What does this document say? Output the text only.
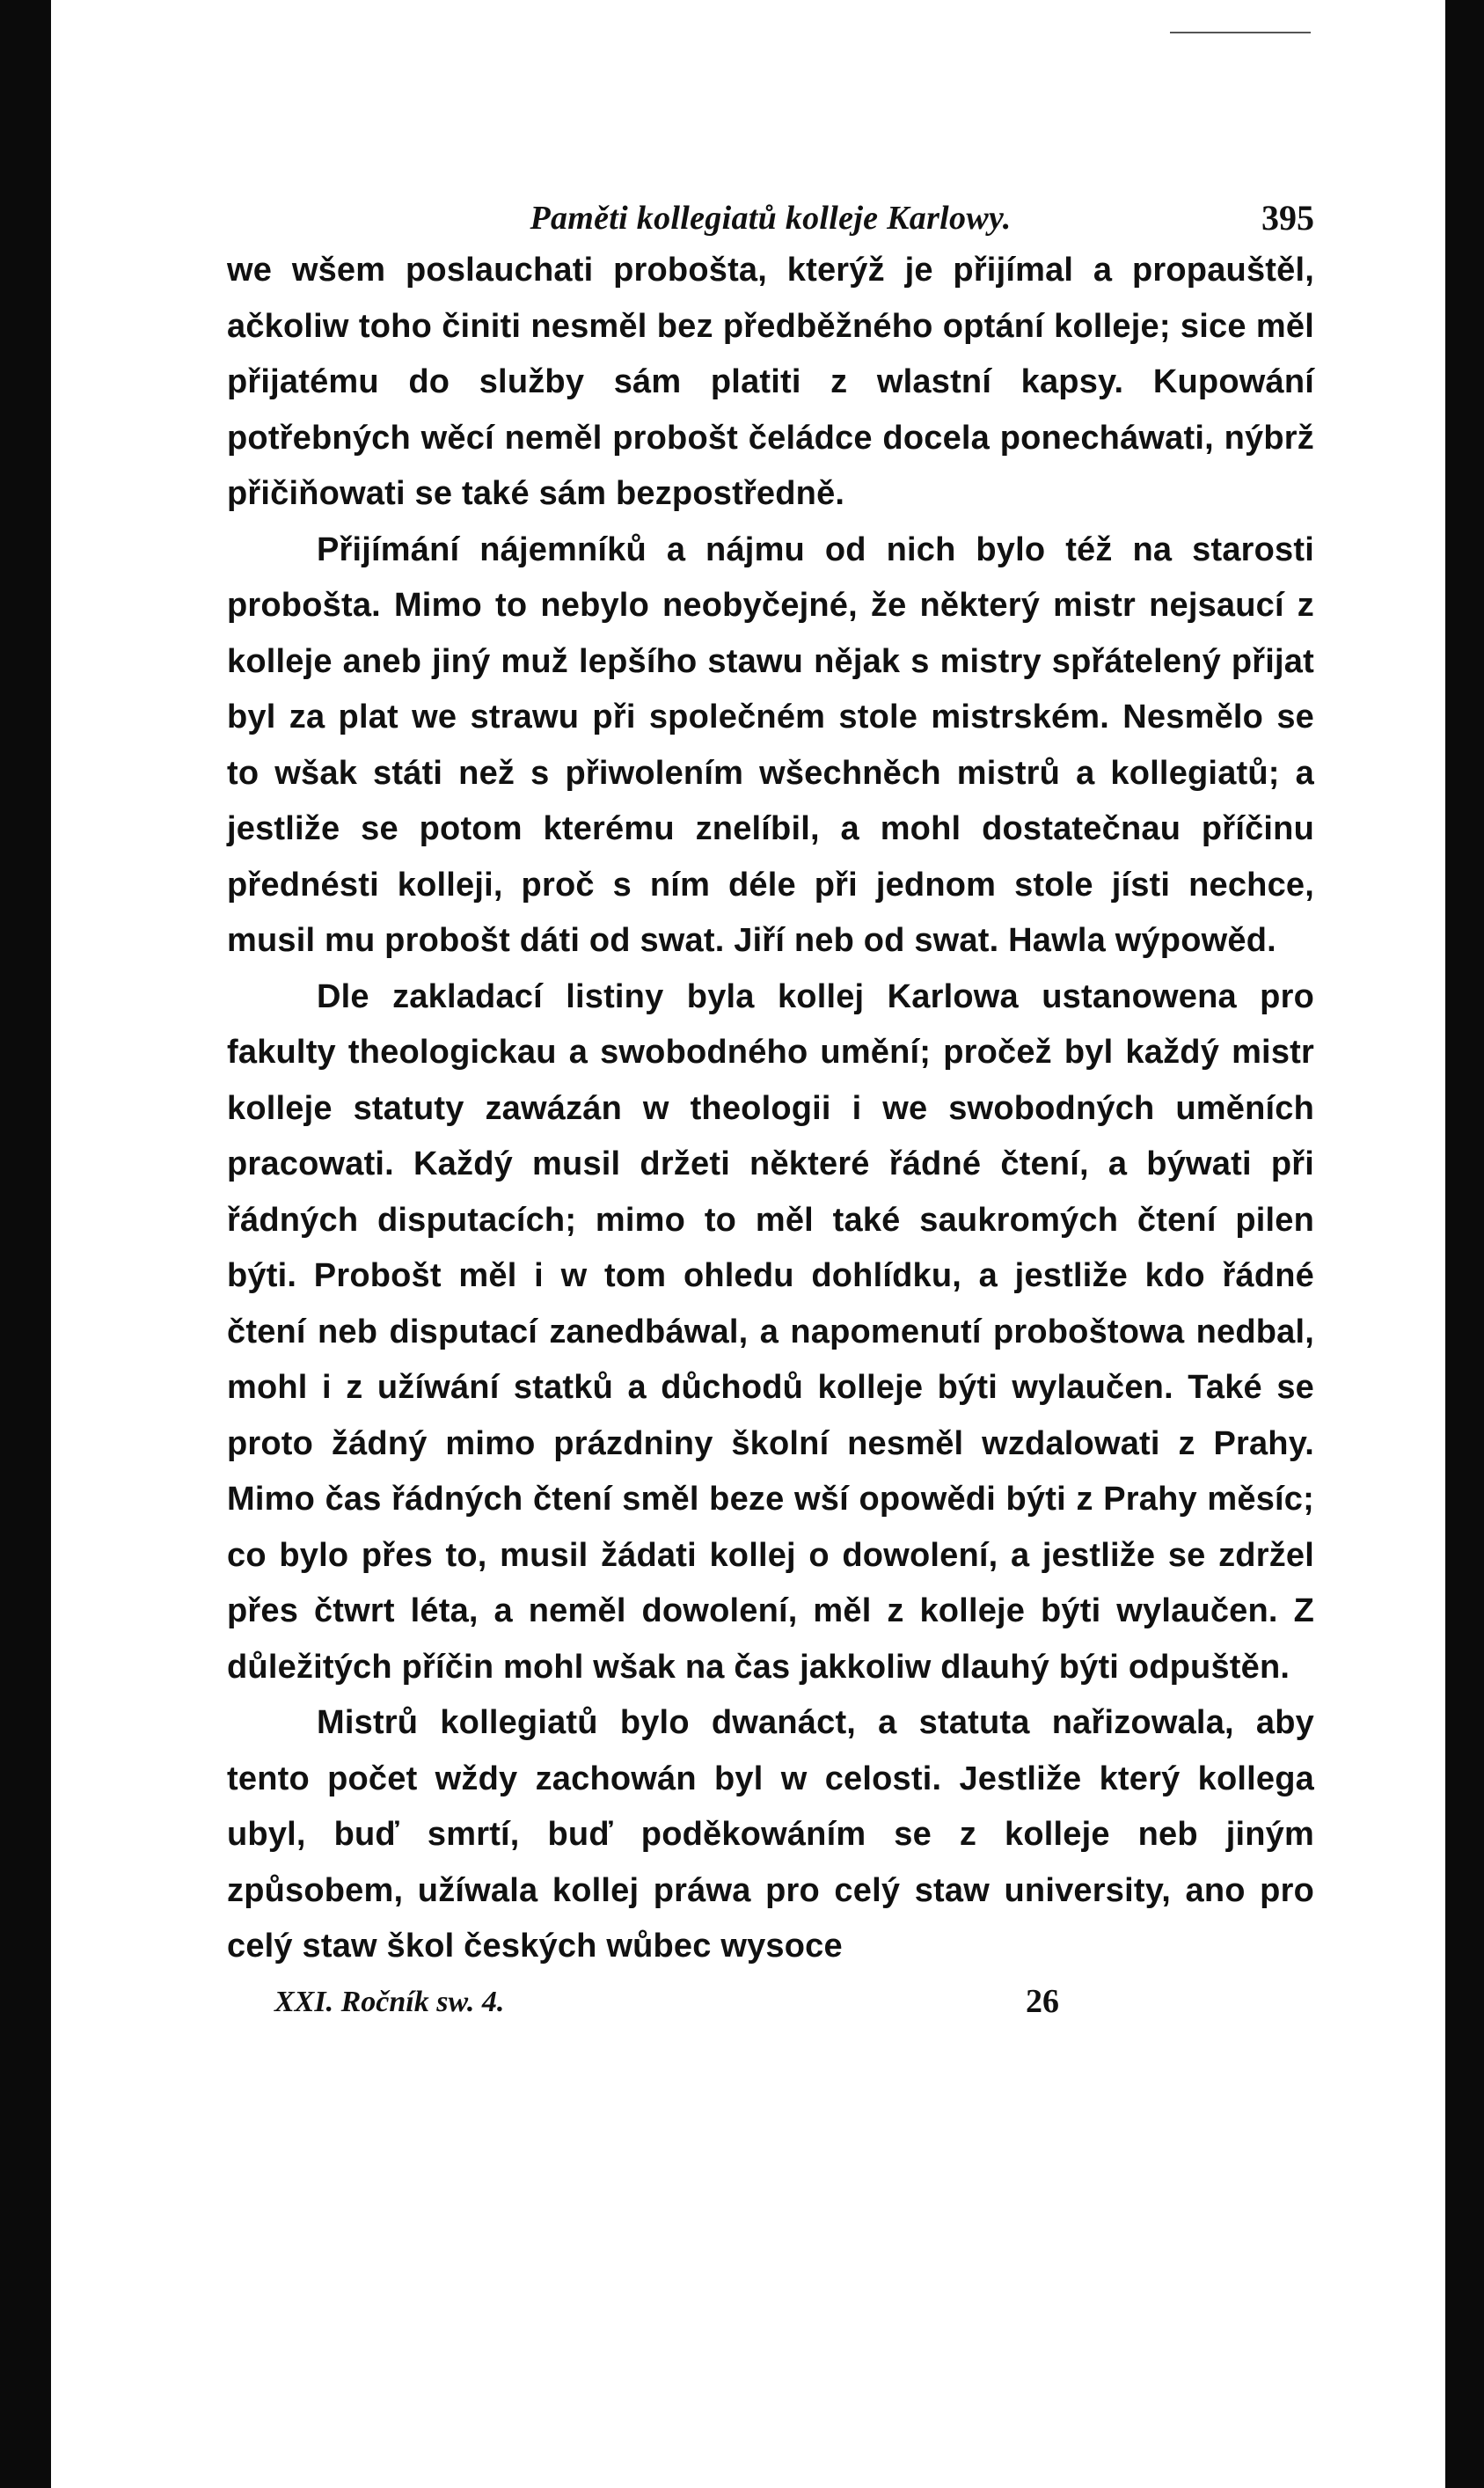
Paměti kollegiatů kolleje Karlowy.	395

we wšem poslauchati probošta, kterýž je přijímal a propauštěl, ačkoliw toho činiti nesměl bez předběžného optání kolleje; sice měl přijatému do služby sám platiti z wlastní kapsy. Kupowání potřebných wěcí neměl probošt čeládce docela ponecháwati, nýbrž přičiňowati se také sám bezpostředně.

Přijímání nájemníků a nájmu od nich bylo též na starosti probošta. Mimo to nebylo neobyčejné, že některý mistr nejsaucí z kolleje aneb jiný muž lepšího stawu nějak s mistry spřátelený přijat byl za plat we strawu při společném stole mistrském. Nesmělo se to wšak státi než s přiwolením wšechněch mistrů a kollegiatů; a jestliže se potom kterému znelíbil, a mohl dostatečnau příčinu přednésti kolleji, proč s ním déle při jednom stole jísti nechce, musil mu probošt dáti od swat. Jiří neb od swat. Hawla wýpowěd.

Dle zakladací listiny byla kollej Karlowa ustanowena pro fakulty theologickau a swobodného umění; pročež byl každý mistr kolleje statuty zawázán w theologii i we swobodných uměních pracowati. Každý musil držeti některé řádné čtení, a býwati při řádných disputacích; mimo to měl také saukromých čtení pilen býti. Probošt měl i w tom ohledu dohlídku, a jestliže kdo řádné čtení neb disputací zanedbáwal, a napomenutí proboštowa nedbal, mohl i z užíwání statků a důchodů kolleje býti wylaučen. Také se proto žádný mimo prázdniny školní nesměl wzdalowati z Prahy. Mimo čas řádných čtení směl beze wší opowědi býti z Prahy měsíc; co bylo přes to, musil žádati kollej o dowolení, a jestliže se zdržel přes čtwrt léta, a neměl dowolení, měl z kolleje býti wylaučen. Z důležitých příčin mohl wšak na čas jakkoliw dlauhý býti odpuštěn.

Mistrů kollegiatů bylo dwanáct, a statuta nařizowala, aby tento počet wždy zachowán byl w celosti. Jestliže který kollega ubyl, buď smrtí, buď poděkowáním se z kolleje neb jiným způsobem, užíwala kollej práwa pro celý staw university, ano pro celý staw škol českých wůbec wysoce

XXI. Ročník sw. 4.	26
